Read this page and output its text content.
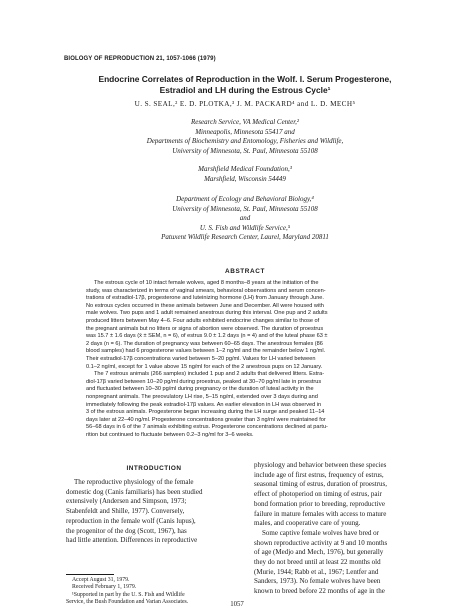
BIOLOGY OF REPRODUCTION 21, 1057-1066 (1979)
Endocrine Correlates of Reproduction in the Wolf. I. Serum Progesterone,
Estradiol and LH during the Estrous Cycle¹
U. S. SEAL,² E. D. PLOTKA,³ J. M. PACKARD⁴ and L. D. MECH⁵
Research Service, VA Medical Center,²
Minneapolis, Minnesota 55417 and
Departments of Biochemistry and Entomology, Fisheries and Wildlife,
University of Minnesota, St. Paul, Minnesota 55108
Marshfield Medical Foundation,³
Marshfield, Wisconsin 54449
Department of Ecology and Behavioral Biology,⁴
University of Minnesota, St. Paul, Minnesota 55108
and
U. S. Fish and Wildlife Service,⁵
Patuxent Wildlife Research Center, Laurel, Maryland 20811
ABSTRACT
The estrous cycle of 10 intact female wolves, aged 8 months–8 years at the initiation of the
study, was characterized in terms of vaginal smears, behavioral observations and serum concen-
trations of estradiol-17β, progesterone and luteinizing hormone (LH) from January through June.
No estrous cycles occurred in these animals between June and December. All were housed with
male wolves. Two pups and 1 adult remained anestrous during this interval. One pup and 2 adults
produced litters between May 4–6. Four adults exhibited endocrine changes similar to those of
the pregnant animals but no litters or signs of abortion were observed. The duration of proestrus
was 15.7 ± 1.6 days (x̄ ± SEM, n = 6), of estrus 9.0 ± 1.2 days (n = 4) and of the luteal phase 63 ±
2 days (n = 6). The duration of pregnancy was between 60–65 days. The anestrous females (86
blood samples) had 6 progesterone values between 1–2 ng/ml and the remainder below 1 ng/ml.
Their estradiol-17β concentrations varied between 5–20 pg/ml. Values for LH varied between
0.1–2 ng/ml, except for 1 value above 15 ng/ml for each of the 2 anestrous pups on 12 January.
The 7 estrous animals (266 samples) included 1 pup and 2 adults that delivered litters. Estra-
diol-17β varied between 10–20 pg/ml during proestrus, peaked at 30–70 pg/ml late in proestrus
and fluctuated between 10–30 pg/ml during pregnancy or the duration of luteal activity in the
nonpregnant animals. The preovulatory LH rise, 5–15 ng/ml, extended over 3 days during and
immediately following the peak estradiol-17β values. An earlier elevation in LH was observed in
3 of the estrous animals. Progesterone began increasing during the LH surge and peaked 11–14
days later at 22–40 ng/ml. Progesterone concentrations greater than 3 ng/ml were maintained for
56–68 days in 6 of the 7 animals exhibiting estrus. Progesterone concentrations declined at partu-
rition but continued to fluctuate between 0.2–3 ng/ml for 3–6 weeks.
INTRODUCTION
The reproductive physiology of the female
domestic dog (Canis familiaris) has been studied
extensively (Andersen and Simpson, 1973;
Stabenfeldt and Shille, 1977). Conversely,
reproduction in the female wolf (Canis lupus),
the progenitor of the dog (Scott, 1967), has
had little attention. Differences in reproductive
physiology and behavior between these species
include age of first estrus, frequency of estrus,
seasonal timing of estrus, duration of proestrus,
effect of photoperiod on timing of estrus, pair
bond formation prior to breeding, reproductive
failure in mature females with access to mature
males, and cooperative care of young.
Some captive female wolves have bred or
shown reproductive activity at 9 and 10 months
of age (Medjo and Mech, 1976), but generally
they do not breed until at least 22 months old
(Murie, 1944; Rabb et al., 1967; Lentfer and
Sanders, 1973). No female wolves have been
known to breed before 22 months of age in the
Accept August 31, 1979.
Received February 1, 1979.
¹Supported in part by the U. S. Fish and Wildlife
Service, the Bush Foundation and Varian Associates.	1057
